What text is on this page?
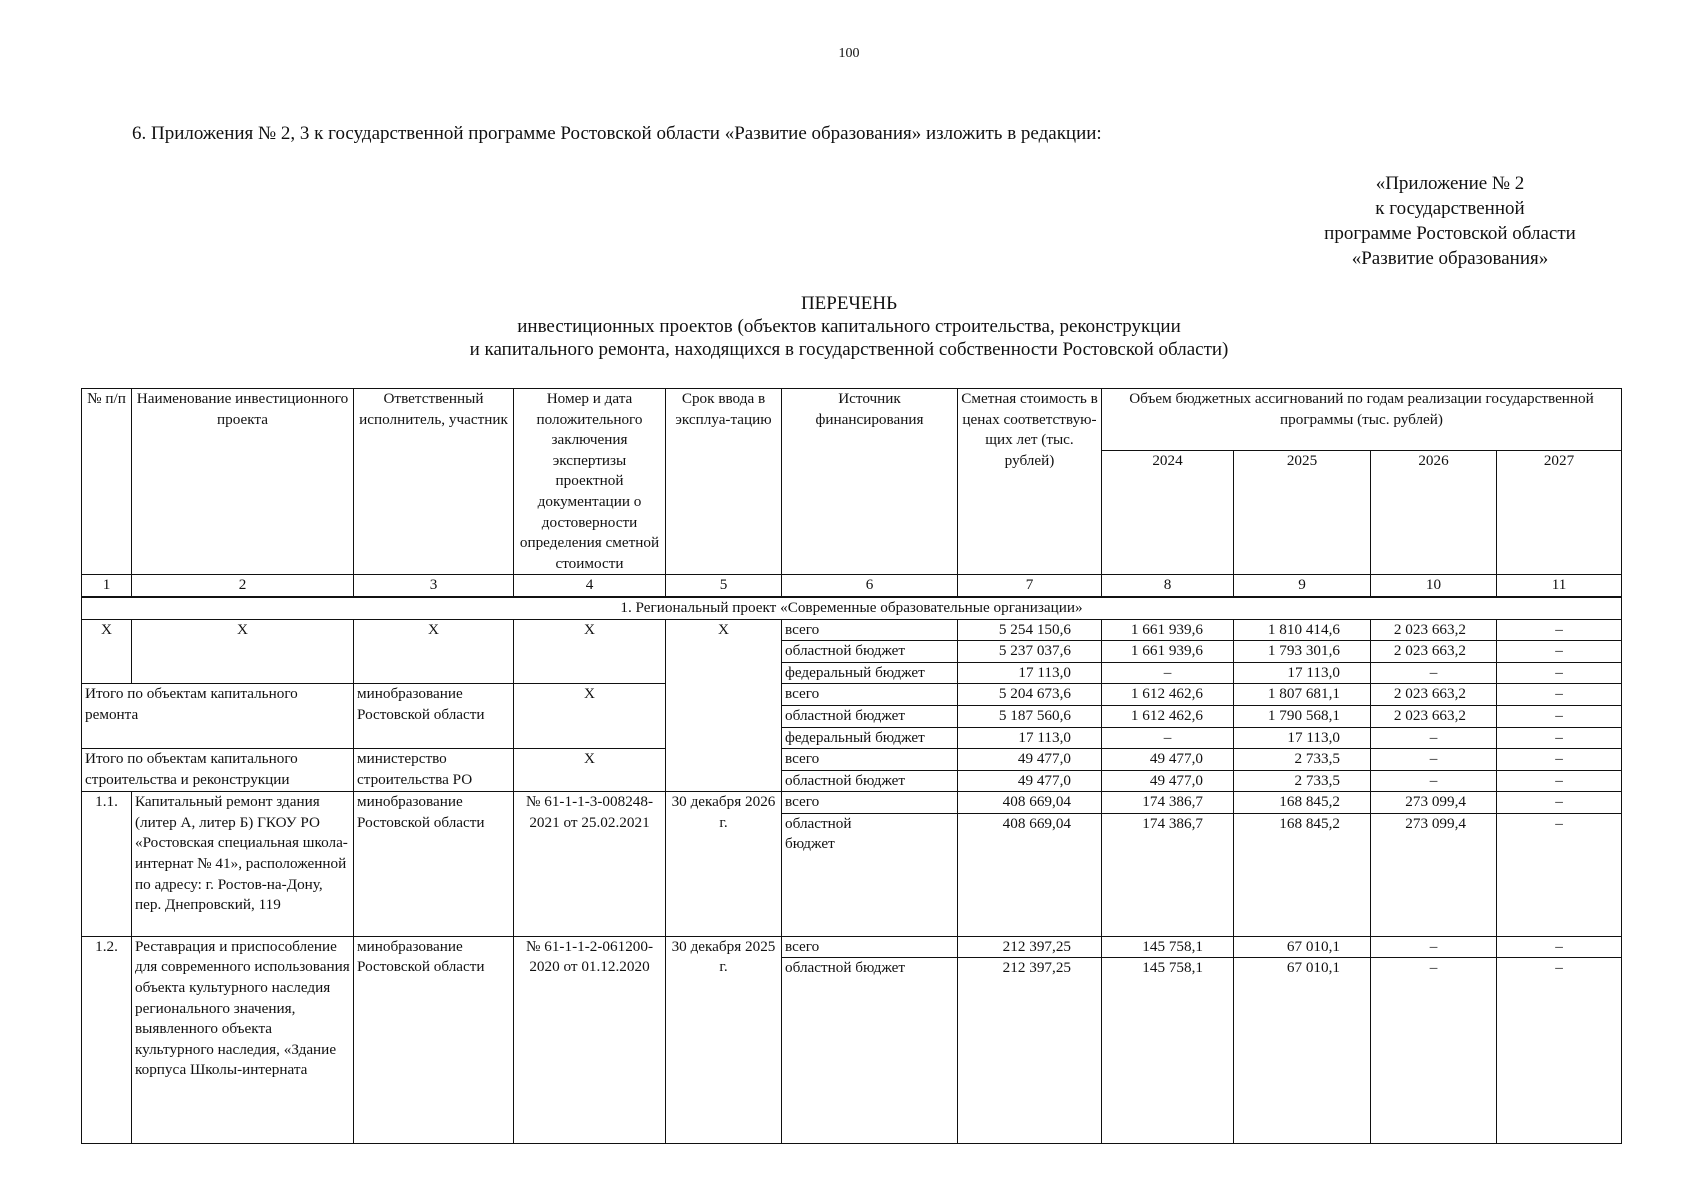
100
6. Приложения № 2, 3 к государственной программе Ростовской области «Развитие образования» изложить в редакции:
«Приложение № 2
к государственной
программе Ростовской области
«Развитие образования»
ПЕРЕЧЕНЬ
инвестиционных проектов (объектов капитального строительства, реконструкции
и капитального ремонта, находящихся в государственной собственности Ростовской области)
№ п/п	Наименование инвестиционного проекта	Ответственный исполнитель, участник	Номер и дата положительного заключения экспертизы проектной документации о достоверности определения сметной стоимости	Срок ввода в эксплуа-тацию	Источник финансирования	Сметная стоимость в ценах соответствую-щих лет (тыс. рублей)	Объем бюджетных ассигнований по годам реализации государственной программы (тыс. рублей)			
							2024	2025	2026	2027
1	2	3	4	5	6	7	8	9	10	11
1. Региональный проект «Современные образовательные организации»										
Х	Х	Х	Х	Х	всего	5 254 150,6	1 661 939,6	1 810 414,6	2 023 663,2	–
					областной бюджет	5 237 037,6	1 661 939,6	1 793 301,6	2 023 663,2	–
					федеральный бюджет	17 113,0	–	17 113,0	–	–
Итого по объектам капитального ремонта		минобразование Ростовской области	Х		всего	5 204 673,6	1 612 462,6	1 807 681,1	2 023 663,2	–
					областной бюджет	5 187 560,6	1 612 462,6	1 790 568,1	2 023 663,2	–
					федеральный бюджет	17 113,0	–	17 113,0	–	–
Итого по объектам капитального строительства и реконструкции		министерство строительства РО	Х		всего	49 477,0	49 477,0	2 733,5	–	–
					областной бюджет	49 477,0	49 477,0	2 733,5	–	–
1.1.	Капитальный ремонт здания (литер А, литер Б) ГКОУ РО «Ростовская специальная школа-интернат № 41», расположенной по адресу: г. Ростов-на-Дону, пер. Днепровский, 119	минобразование Ростовской области	№ 61-1-1-3-008248-2021 от 25.02.2021	30 декабря 2026 г.	всего	408 669,04	174 386,7	168 845,2	273 099,4	–
					областной бюджет	408 669,04	174 386,7	168 845,2	273 099,4	–
1.2.	Реставрация и приспособление для современного использования объекта культурного наследия регионального значения, выявленного объекта культурного наследия, «Здание корпуса Школы-интерната	минобразование Ростовской области	№ 61-1-1-2-061200-2020 от 01.12.2020	30 декабря 2025 г.	всего	212 397,25	145 758,1	67 010,1	–	–
					областной бюджет	212 397,25	145 758,1	67 010,1	–	–
